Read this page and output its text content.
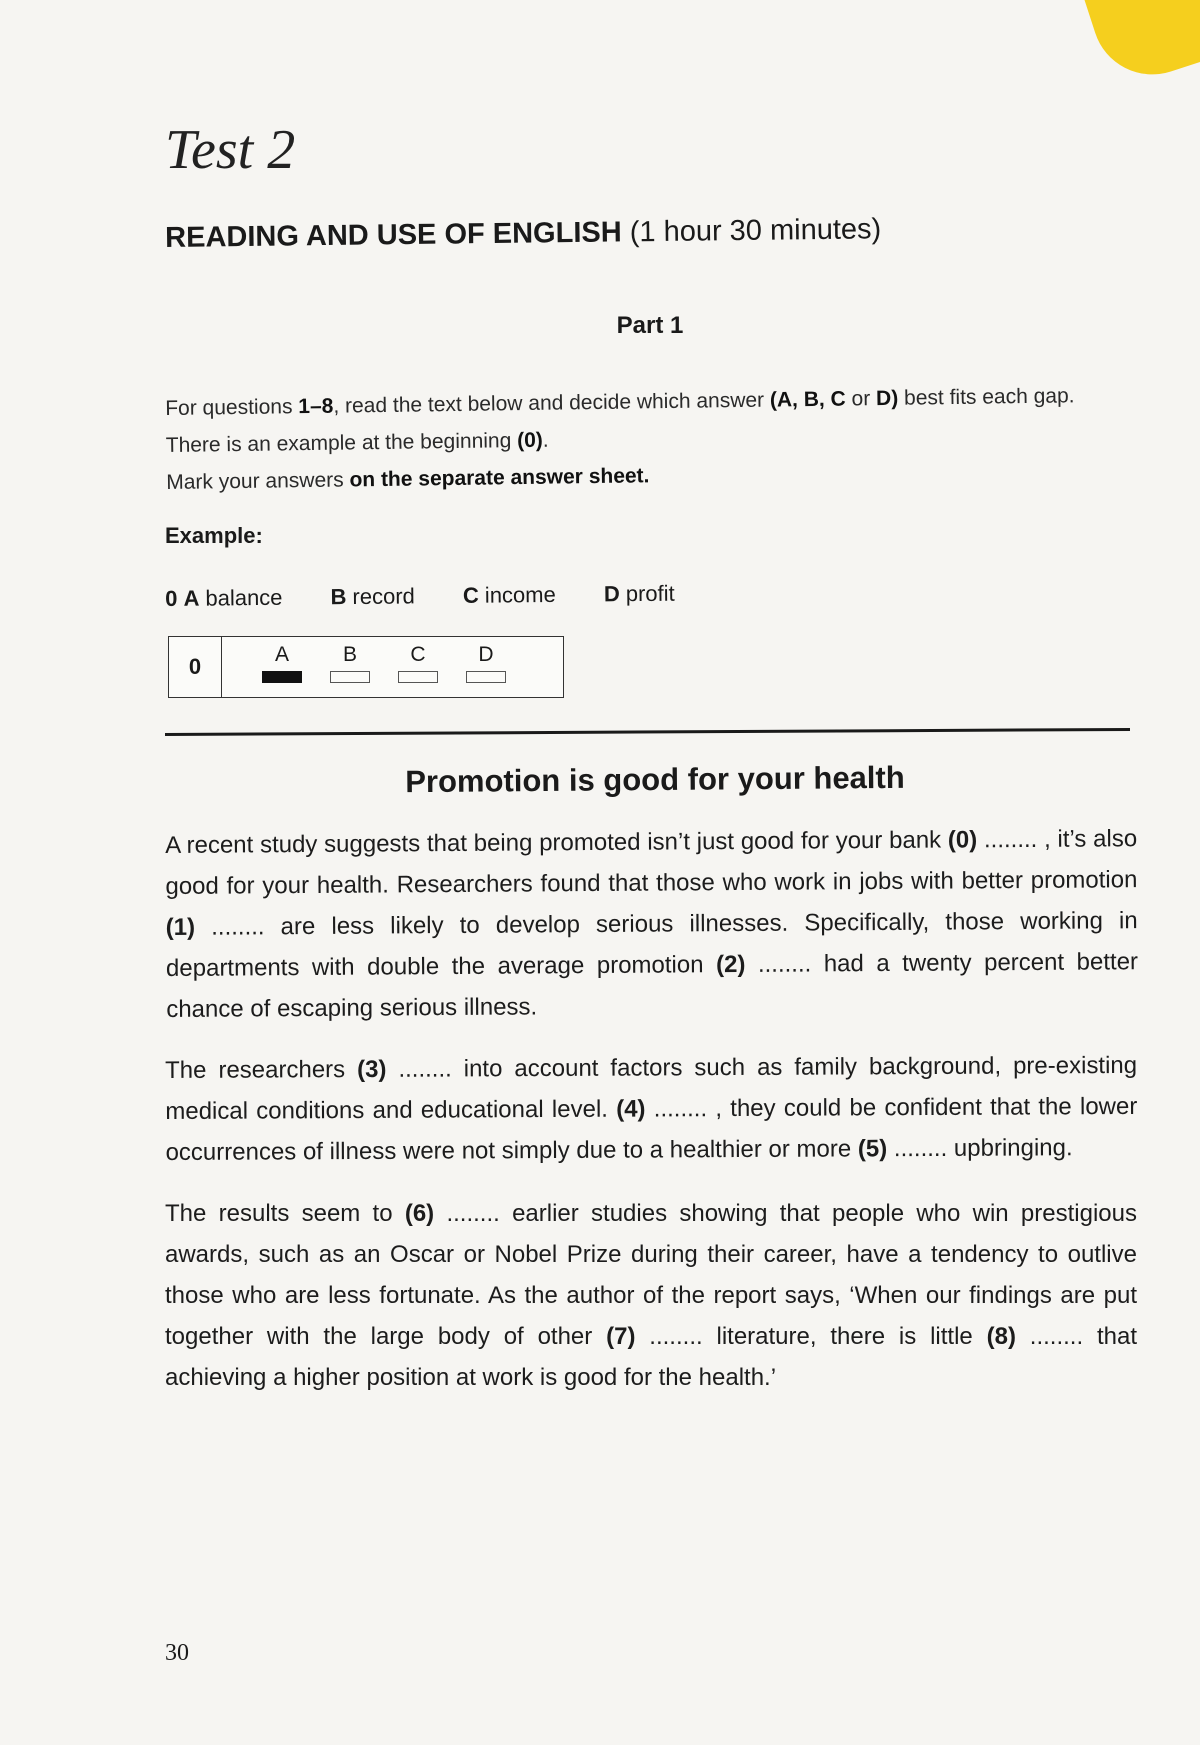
Test 2
READING AND USE OF ENGLISH (1 hour 30 minutes)
Part 1

For questions 1–8, read the text below and decide which answer (A, B, C or D) best fits each gap.

There is an example at the beginning (0).

Mark your answers on the separate answer sheet.

Example:
0 A balance B record C income D profit
0	A	B	C	D
Promotion is good for your health

A recent study suggests that being promoted isn’t just good for your bank (0) ........ , it’s also good for your health. Researchers found that those who work in jobs with better promotion (1) ........ are less likely to develop serious illnesses. Specifically, those working in departments with double the average promotion (2) ........ had a twenty percent better chance of escaping serious illness.

The researchers (3) ........ into account factors such as family background, pre-existing medical conditions and educational level. (4) ........ , they could be confident that the lower occurrences of illness were not simply due to a healthier or more (5) ........ upbringing.

The results seem to (6) ........ earlier studies showing that people who win prestigious awards, such as an Oscar or Nobel Prize during their career, have a tendency to outlive those who are less fortunate. As the author of the report says, ‘When our findings are put together with the large body of other (7) ........ literature, there is little (8) ........ that achieving a higher position at work is good for the health.’

30
